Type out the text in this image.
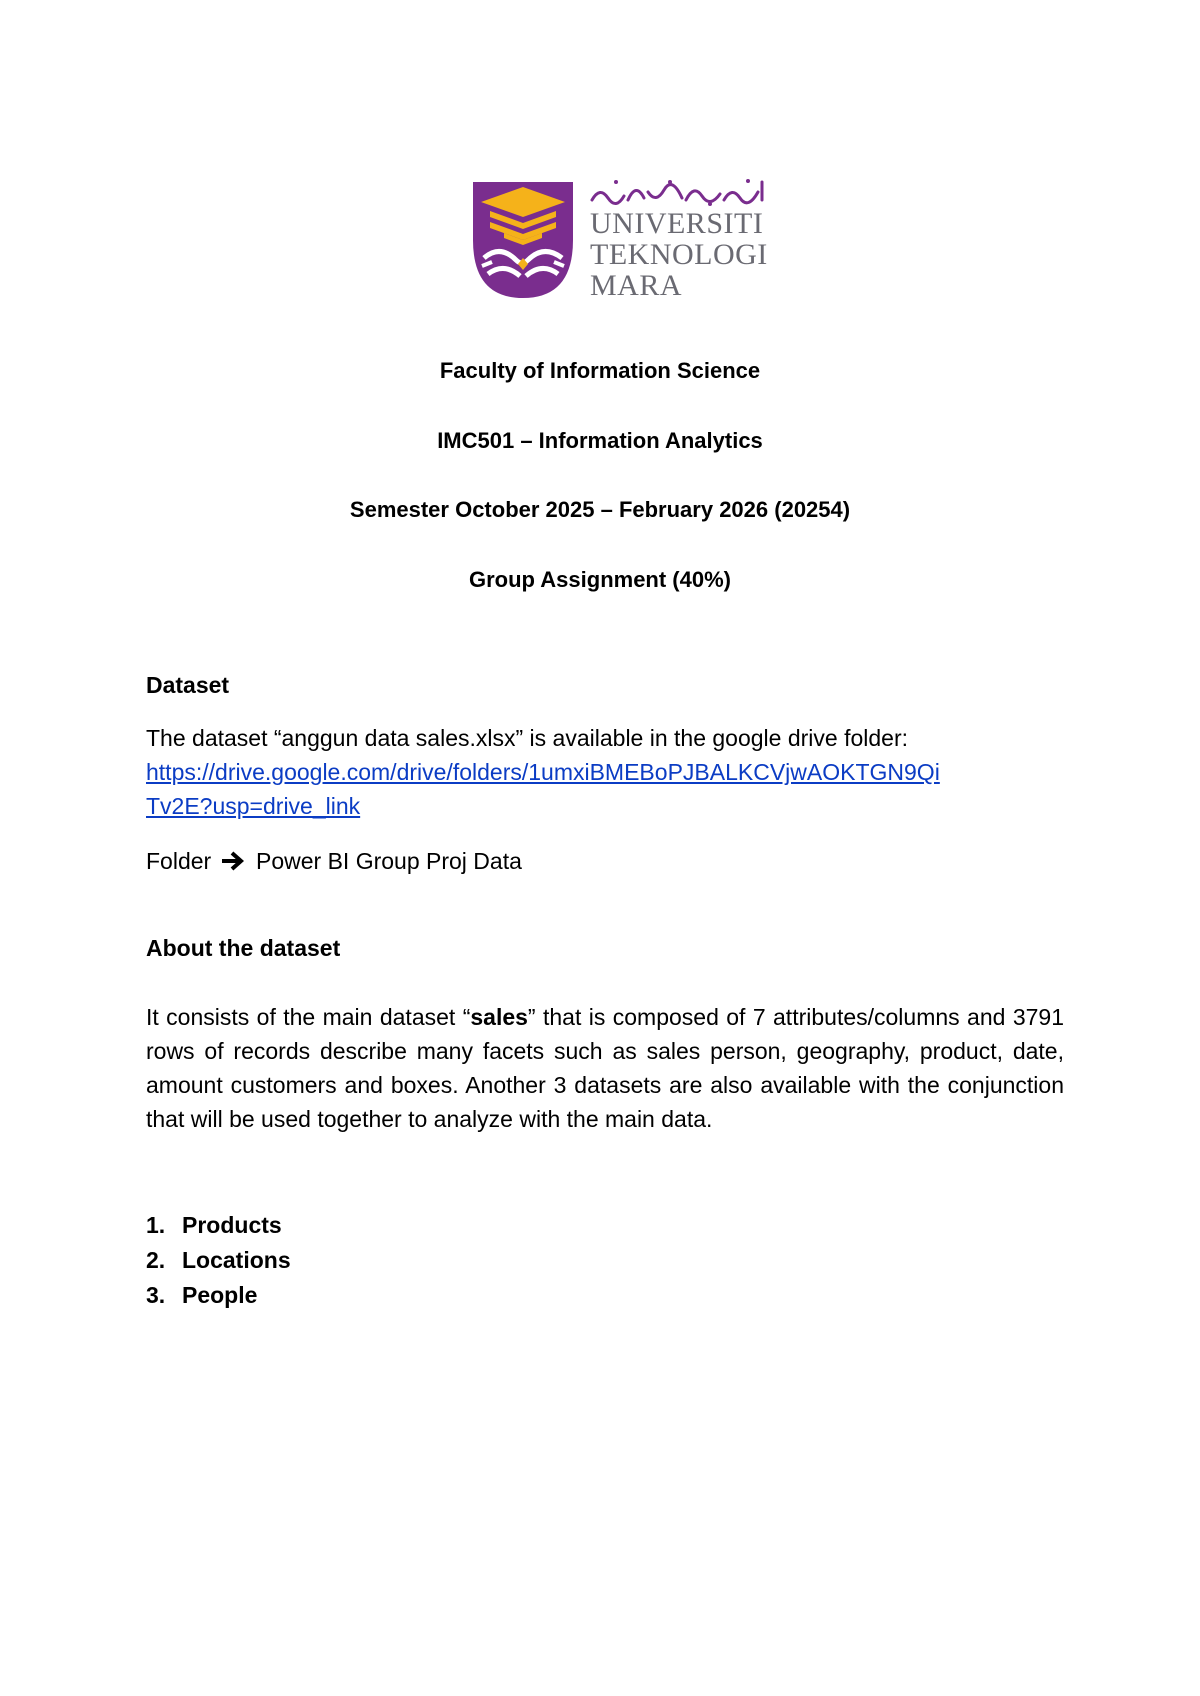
UNIVERSITI
TEKNOLOGI
MARA
Faculty of Information Science
IMC501 – Information Analytics
Semester October 2025 – February 2026 (20254)
Group Assignment (40%)
Dataset
The dataset “anggun data sales.xlsx” is available in the google drive folder:
https://drive.google.com/drive/folders/1umxiBMEBoPJBALKCVjwAOKTGN9Qi
Tv2E?usp=drive_link
Folder Power BI Group Proj Data
About the dataset
It consists of the main dataset “sales” that is composed of 7 attributes/columns and 3791 rows of records describe many facets such as sales person, geography, product, date, amount customers and boxes. Another 3 datasets are also available with the conjunction that will be used together to analyze with the main data.
1. Products
2. Locations
3. People
